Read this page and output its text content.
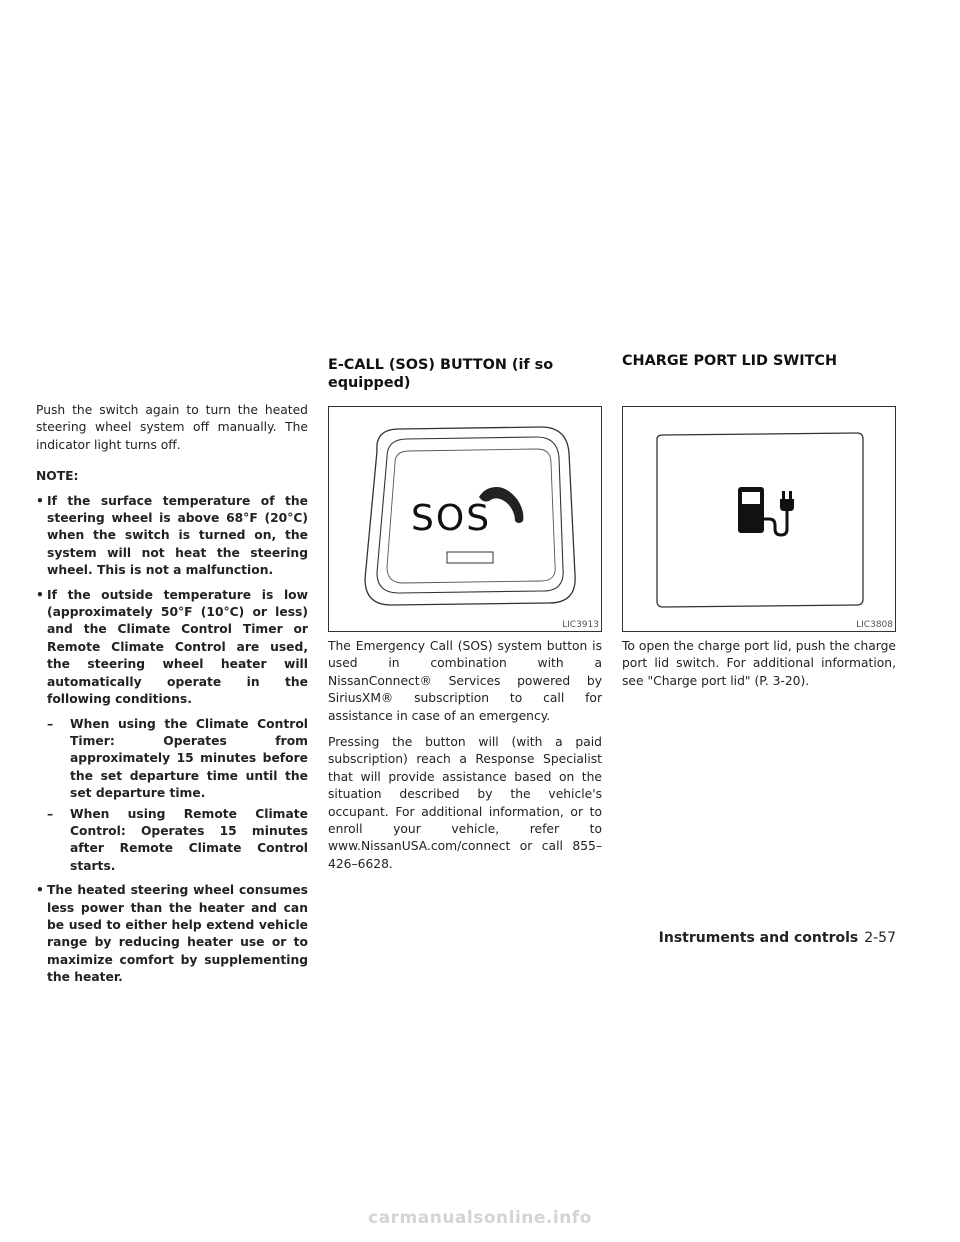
Push the switch again to turn the heated steering wheel system off manually. The indicator light turns off.

NOTE:
• If the surface temperature of the steering wheel is above 68°F (20°C) when the switch is turned on, the system will not heat the steering wheel. This is not a malfunction.
• If the outside temperature is low (approximately 50°F (10°C) or less) and the Climate Control Timer or Remote Climate Control are used, the steering wheel heater will automatically operate in the following conditions.
– When using the Climate Control Timer: Operates from approximately 15 minutes before the set departure time until the set departure time.
– When using Remote Climate Control: Operates 15 minutes after Remote Climate Control starts.
• The heated steering wheel consumes less power than the heater and can be used to either help extend vehicle range by reducing heater use or to maximize comfort by supplementing the heater.
E-CALL (SOS) BUTTON (if so equipped)
SOS
LIC3913

The Emergency Call (SOS) system button is used in combination with a NissanConnect® Services powered by SiriusXM® subscription to call for assistance in case of an emergency.

Pressing the button will (with a paid subscription) reach a Response Specialist that will provide assistance based on the situation described by the vehicle's occupant. For additional information, or to enroll your vehicle, refer to www.NissanUSA.com/connect or call 855–426–6628.

CHARGE PORT LID SWITCH
LIC3808

To open the charge port lid, push the charge port lid switch. For additional information, see "Charge port lid" (P. 3-20).

Instruments and controls 2-57
carmanualsonline.info
